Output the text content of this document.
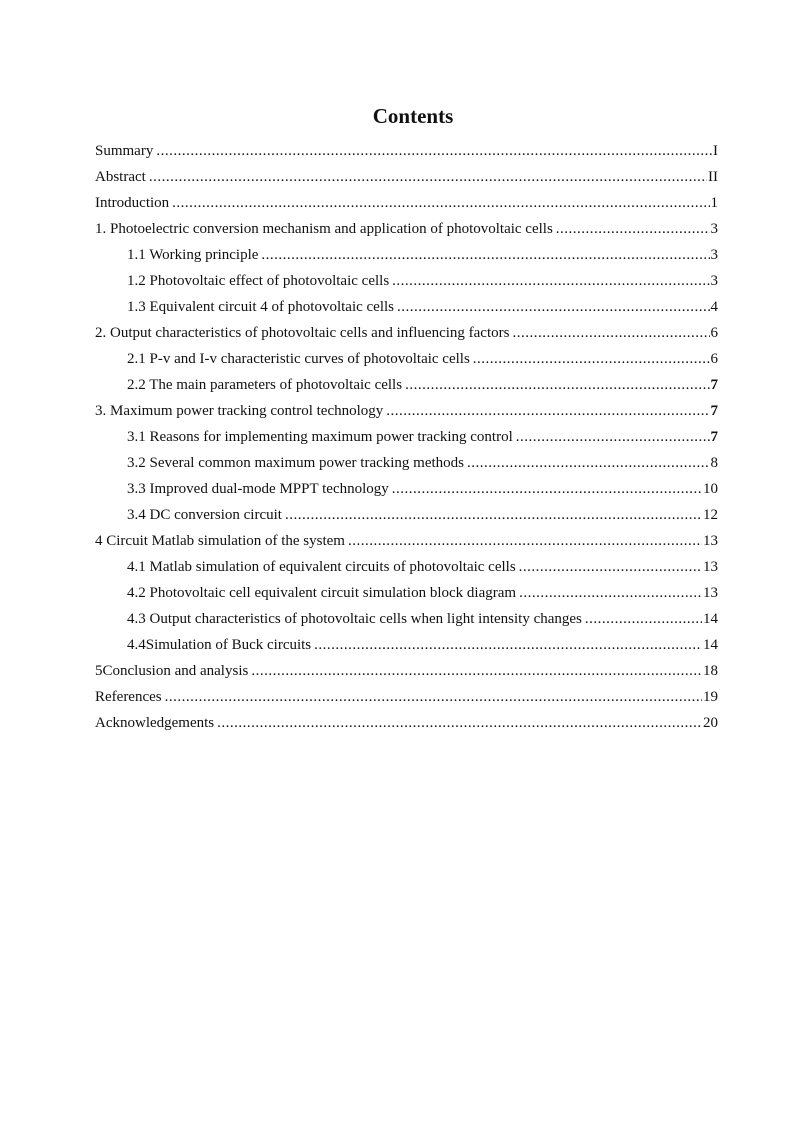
Contents
Summary .....	I
Abstract .....	II
Introduction .....	1
1. Photoelectric conversion mechanism and application of photovoltaic cells .....	3
1.1 Working principle .....	3
1.2 Photovoltaic effect of photovoltaic cells .....	3
1.3 Equivalent circuit 4 of photovoltaic cells .....	4
2. Output characteristics of photovoltaic cells and influencing factors .....	6
2.1 P-v and I-v characteristic curves of photovoltaic cells .....	6
2.2 The main parameters of photovoltaic cells .....	7
3. Maximum power tracking control technology .....	7
3.1 Reasons for implementing maximum power tracking control .....	7
3.2 Several common maximum power tracking methods .....	8
3.3 Improved dual-mode MPPT technology .....	10
3.4 DC conversion circuit .....	12
4 Circuit Matlab simulation of the system .....	13
4.1 Matlab simulation of equivalent circuits of photovoltaic cells .....	13
4.2 Photovoltaic cell equivalent circuit simulation block diagram .....	13
4.3 Output characteristics of photovoltaic cells when light intensity changes .....	14
4.4Simulation of Buck circuits .....	14
5Conclusion and analysis .....	18
References .....	19
Acknowledgements .....	20
